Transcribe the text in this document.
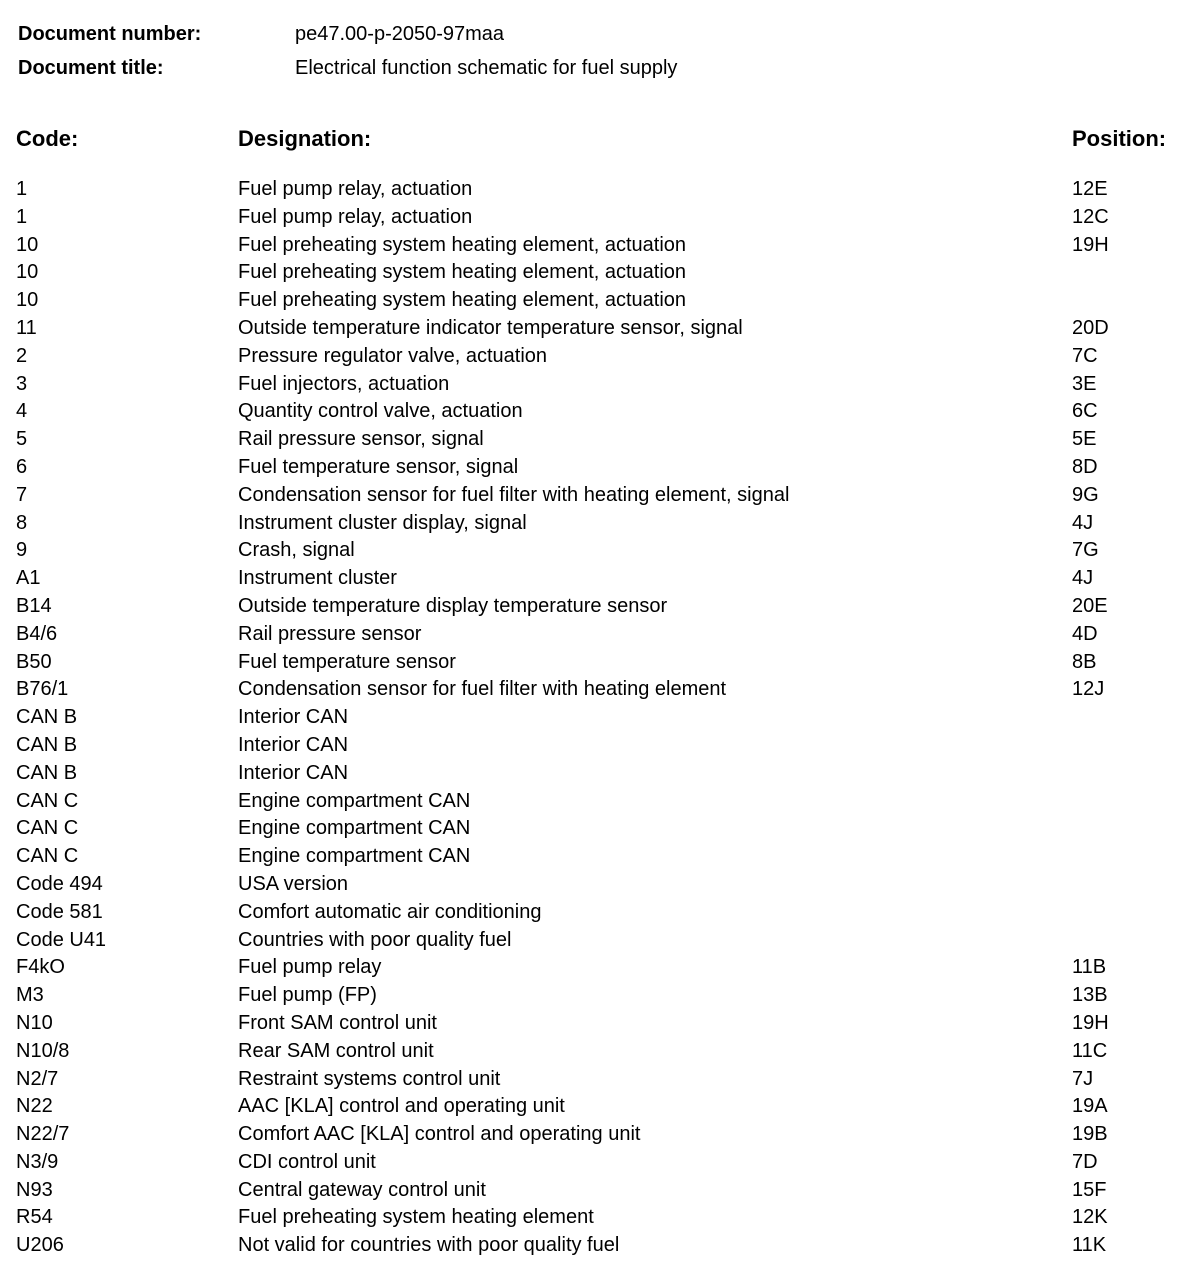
Document number:	pe47.00-p-2050-97maa
Document title:	Electrical function schematic for fuel supply
Code:	Designation:	Position:
1	Fuel pump relay, actuation	12E
1	Fuel pump relay, actuation	12C
10	Fuel preheating system heating element, actuation	19H
10	Fuel preheating system heating element, actuation
10	Fuel preheating system heating element, actuation
11	Outside temperature indicator temperature sensor, signal	20D
2	Pressure regulator valve, actuation	7C
3	Fuel injectors, actuation	3E
4	Quantity control valve, actuation	6C
5	Rail pressure sensor, signal	5E
6	Fuel temperature sensor, signal	8D
7	Condensation sensor for fuel filter with heating element, signal	9G
8	Instrument cluster display, signal	4J
9	Crash, signal	7G
A1	Instrument cluster	4J
B14	Outside temperature display temperature sensor	20E
B4/6	Rail pressure sensor	4D
B50	Fuel temperature sensor	8B
B76/1	Condensation sensor for fuel filter with heating element	12J
CAN B	Interior CAN
CAN B	Interior CAN
CAN B	Interior CAN
CAN C	Engine compartment CAN
CAN C	Engine compartment CAN
CAN C	Engine compartment CAN
Code 494	USA version
Code 581	Comfort automatic air conditioning
Code U41	Countries with poor quality fuel
F4kO	Fuel pump relay	11B
M3	Fuel pump (FP)	13B
N10	Front SAM control unit	19H
N10/8	Rear SAM control unit	11C
N2/7	Restraint systems control unit	7J
N22	AAC [KLA] control and operating unit	19A
N22/7	Comfort AAC [KLA] control and operating unit	19B
N3/9	CDI control unit	7D
N93	Central gateway control unit	15F
R54	Fuel preheating system heating element	12K
U206	Not valid for countries with poor quality fuel	11K
